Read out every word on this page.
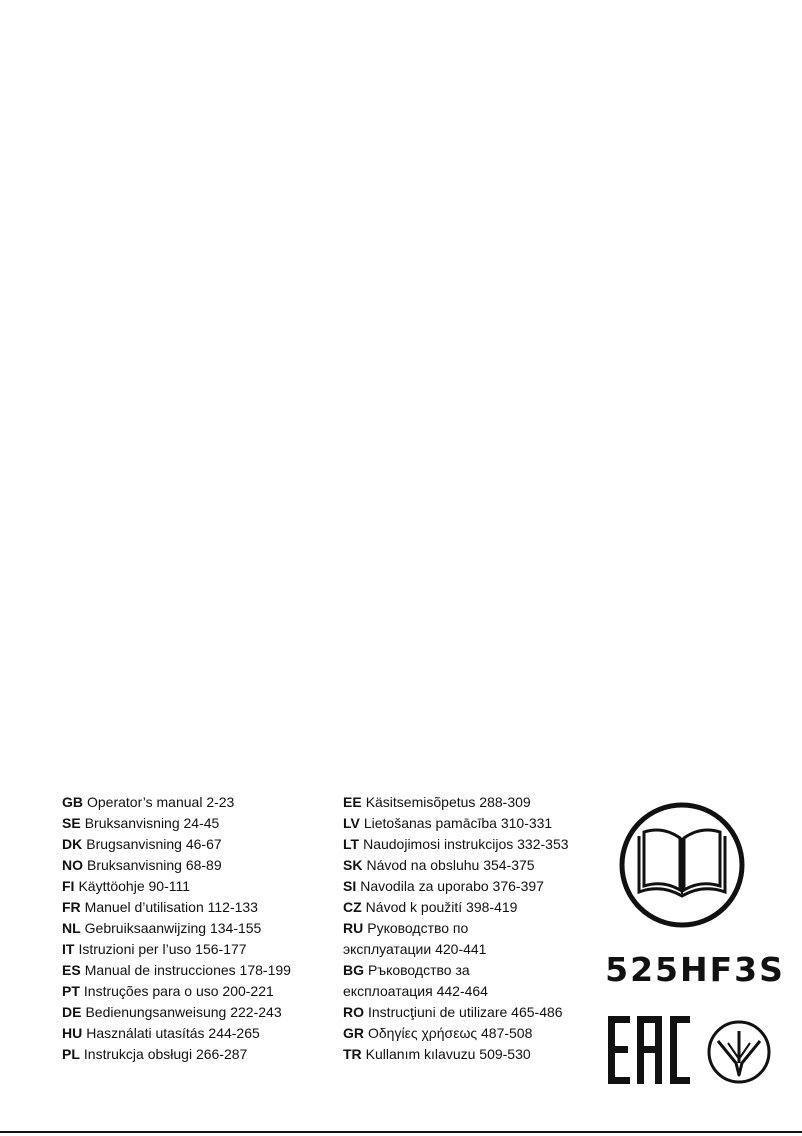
GB Operator’s manual 2-23
SE Bruksanvisning 24-45
DK Brugsanvisning 46-67
NO Bruksanvisning 68-89
FI Käyttöohje 90-111
FR Manuel d’utilisation 112-133
NL Gebruiksaanwijzing 134-155
IT Istruzioni per l’uso 156-177
ES Manual de instrucciones 178-199
PT Instruções para o uso 200-221
DE Bedienungsanweisung 222-243
HU Használati utasítás 244-265
PL Instrukcja obsługi 266-287
EE Käsitsemisõpetus 288-309
LV Lietošanas pamācība 310-331
LT Naudojimosi instrukcijos 332-353
SK Návod na obsluhu 354-375
SI Navodila za uporabo 376-397
CZ Návod k použití 398-419
RU Руководство по
эксплуатации 420-441
BG Ръководство за
експлоатация 442-464
RO Instrucţiuni de utilizare 465-486
GR Οδηγίες χρήσεως 487-508
TR Kullanım kılavuzu 509-530
525HF3S
